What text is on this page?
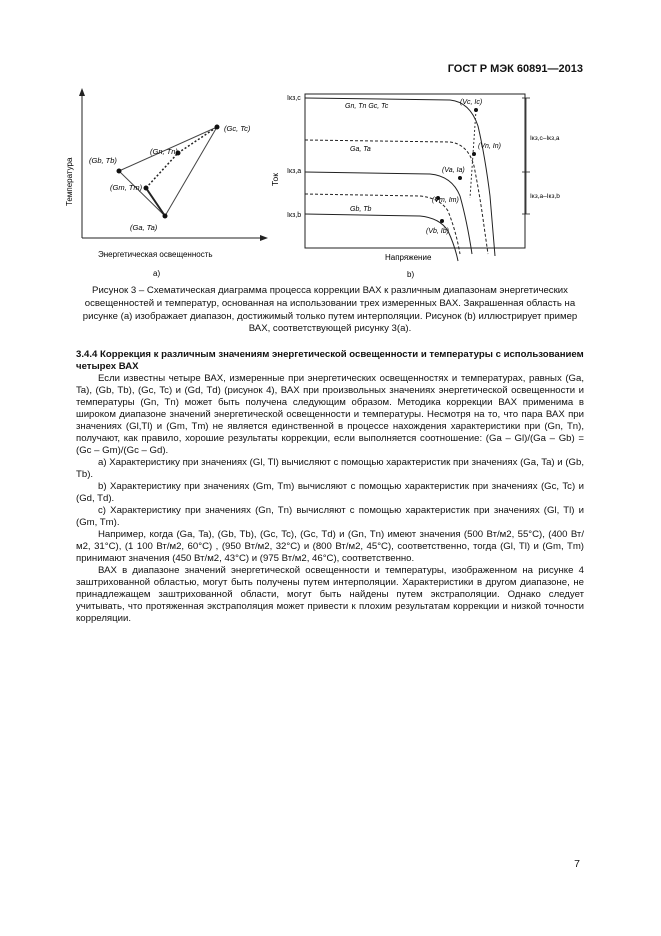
ГОСТ Р МЭК 60891—2013
Температура
Энергетическая освещенность
a)
(Gc, Tc)
(Gb, Tb)
(Gn, Tn)
(Gm, Tm)
(Ga, Ta)
Ток
Напряжение
b)
Iкз,c
Iкз,a
Iкз,b
(Vc, Ic)
(Vn, In)
(Va, Ia)
(Vm, Im)
(Vb, Ib)
Gn, Tn Gc, Tc
Ga, Ta
Gb, Tb
Iкз,c–Iкз,a
Iкз,a–Iкз,b
Рисунок 3 – Схематическая диаграмма процесса коррекции ВАХ к различным диапазонам энергетических освещенностей и температур, основанная на использовании трех измеренных ВАХ. Закрашенная область на рисунке (a) изображает диапазон, достижимый только путем интерполяции. Рисунок (b) иллюстрирует пример ВАХ, соответствующей рисунку 3(a).

3.4.4 Коррекция к различным значениям энергетической освещенности и температуры с использованием четырех ВАХ

Если известны четыре ВАХ, измеренные при энергетических освещенностях и температурах, равных (Ga, Ta), (Gb, Tb), (Gc, Tc) и (Gd, Td) (рисунок 4), ВАХ при произвольных значениях энергетической освещенности и температуры (Gn, Tn) может быть получена следующим образом. Методика коррекции ВАХ применима в широком диапазоне значений энергетической освещенности и температуры. Несмотря на то, что пара ВАХ при значениях (Gl,Tl) и (Gm, Tm) не является единственной в процессе нахождения характеристики при (Gn, Tn), получают, как правило, хорошие результаты коррекции, если выполняется соотношение: (Ga – Gl)/(Ga – Gb) = (Gc – Gm)/(Gc – Gd).

a) Характеристику при значениях (Gl, Tl) вычисляют с помощью характеристик при значениях (Ga, Ta) и (Gb, Tb).

b) Характеристику при значениях (Gm, Tm) вычисляют с помощью характеристик при значениях (Gc, Tc) и (Gd, Td).

c) Характеристику при значениях (Gn, Tn) вычисляют с помощью характеристик при значениях (Gl, Tl) и (Gm, Tm).

Например, когда (Ga, Ta), (Gb, Tb), (Gc, Tc), (Gc, Td) и (Gn, Tn) имеют значения (500 Вт/м2, 55°C), (400 Вт/м2, 31°C), (1 100 Вт/м2, 60°C) , (950 Вт/м2, 32°C) и (800 Вт/м2, 45°C), соответственно, тогда (Gl, Tl) и (Gm, Tm) принимают значения (450 Вт/м2, 43°C) и (975 Вт/м2, 46°C), соответственно.

ВАХ в диапазоне значений энергетической освещенности и температуры, изображенном на рисунке 4 заштрихованной областью, могут быть получены путем интерполяции. Характеристики в другом диапазоне, не принадлежащем заштрихованной области, могут быть найдены путем экстраполяции. Однако следует учитывать, что протяженная экстраполяция может привести к плохим результатам коррекции и низкой точности корреляции.

7
